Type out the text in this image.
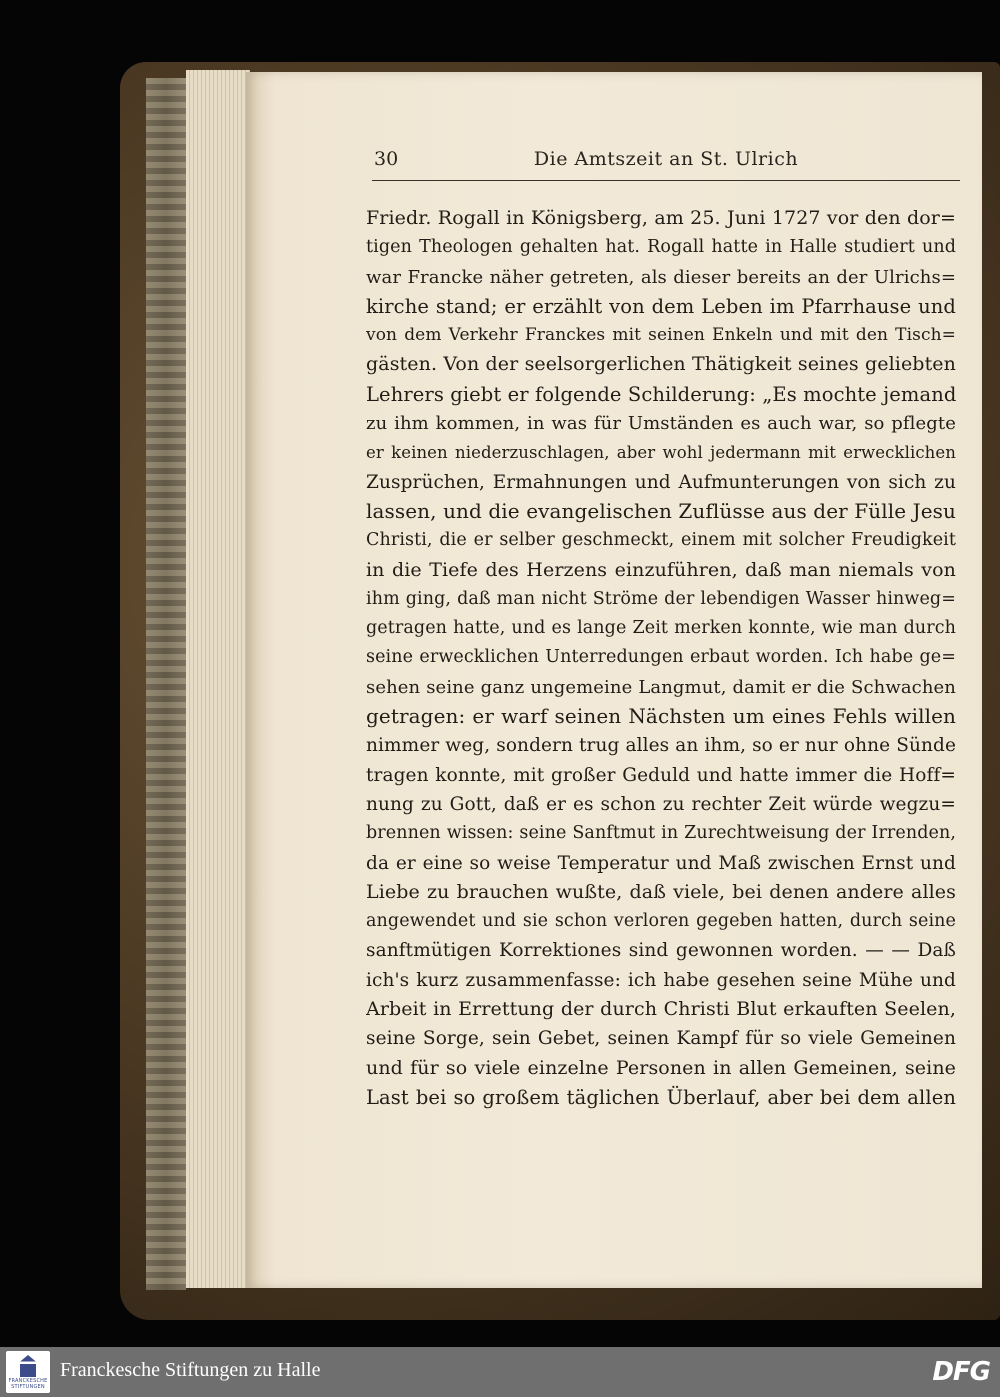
30	Die Amtszeit an St. Ulrich
Friedr. Rogall in Königsberg, am 25. Juni 1727 vor den dor=
tigen Theologen gehalten hat. Rogall hatte in Halle studiert und
war Francke näher getreten, als dieser bereits an der Ulrichs=
kirche stand; er erzählt von dem Leben im Pfarrhause und
von dem Verkehr Franckes mit seinen Enkeln und mit den Tisch=
gästen. Von der seelsorgerlichen Thätigkeit seines geliebten
Lehrers giebt er folgende Schilderung: „Es mochte jemand
zu ihm kommen, in was für Umständen es auch war, so pflegte
er keinen niederzuschlagen, aber wohl jedermann mit erwecklichen
Zusprüchen, Ermahnungen und Aufmunterungen von sich zu
lassen, und die evangelischen Zuflüsse aus der Fülle Jesu
Christi, die er selber geschmeckt, einem mit solcher Freudigkeit
in die Tiefe des Herzens einzuführen, daß man niemals von
ihm ging, daß man nicht Ströme der lebendigen Wasser hinweg=
getragen hatte, und es lange Zeit merken konnte, wie man durch
seine erwecklichen Unterredungen erbaut worden. Ich habe ge=
sehen seine ganz ungemeine Langmut, damit er die Schwachen
getragen: er warf seinen Nächsten um eines Fehls willen
nimmer weg, sondern trug alles an ihm, so er nur ohne Sünde
tragen konnte, mit großer Geduld und hatte immer die Hoff=
nung zu Gott, daß er es schon zu rechter Zeit würde wegzu=
brennen wissen: seine Sanftmut in Zurechtweisung der Irrenden,
da er eine so weise Temperatur und Maß zwischen Ernst und
Liebe zu brauchen wußte, daß viele, bei denen andere alles
angewendet und sie schon verloren gegeben hatten, durch seine
sanftmütigen Korrektiones sind gewonnen worden. — — Daß
ich's kurz zusammenfasse: ich habe gesehen seine Mühe und
Arbeit in Errettung der durch Christi Blut erkauften Seelen,
seine Sorge, sein Gebet, seinen Kampf für so viele Gemeinen
und für so viele einzelne Personen in allen Gemeinen, seine
Last bei so großem täglichen Überlauf, aber bei dem allen
FRANCKESCHE STIFTUNGEN
Franckesche Stiftungen zu Halle	DFG
